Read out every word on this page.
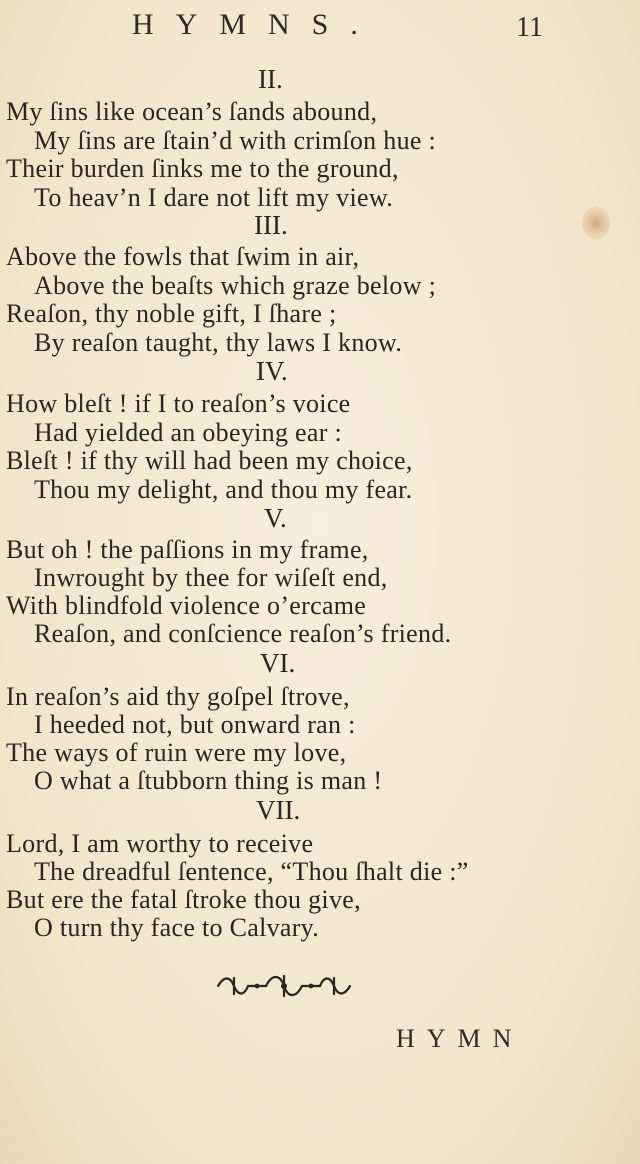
HYMNS.	11
II.
My ſins like ocean’s ſands abound,
My ſins are ſtain’d with crimſon hue :
Their burden ſinks me to the ground,
To heav’n I dare not lift my view.
III.
Above the fowls that ſwim in air,
Above the beaſts which graze below ;
Reaſon, thy noble gift, I ſhare ;
By reaſon taught, thy laws I know.
IV.
How bleſt ! if I to reaſon’s voice
Had yielded an obeying ear :
Bleſt ! if thy will had been my choice,
Thou my delight, and thou my fear.
V.
But oh ! the paſſions in my frame,
Inwrought by thee for wiſeſt end,
With blindfold violence o’ercame
Reaſon, and conſcience reaſon’s friend.
VI.
In reaſon’s aid thy goſpel ſtrove,
I heeded not, but onward ran :
The ways of ruin were my love,
O what a ſtubborn thing is man !
VII.
Lord, I am worthy to receive
The dreadful ſentence, “Thou ſhalt die :”
But ere the fatal ſtroke thou give,
O turn thy face to Calvary.
HYMN
